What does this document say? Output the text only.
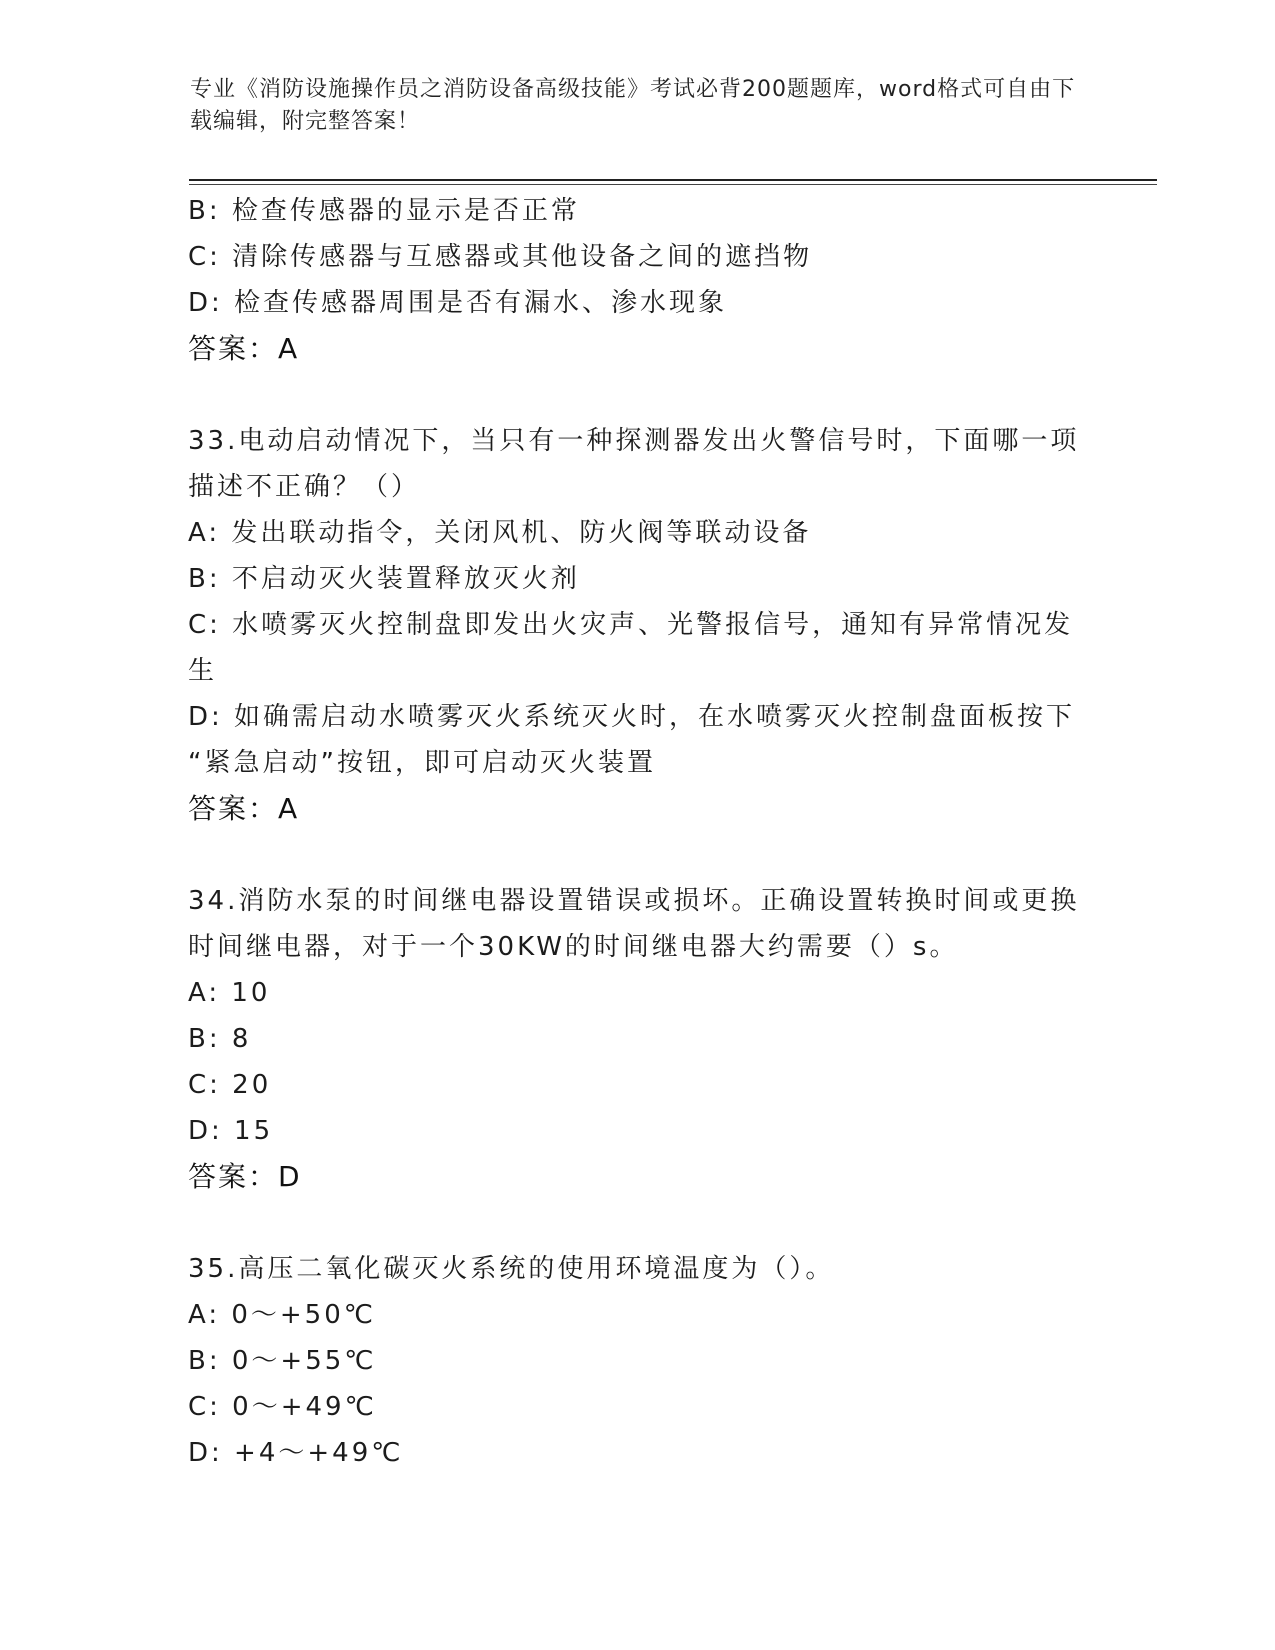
专业《消防设施操作员之消防设备高级技能》考试必背200题题库，word格式可自由下载编辑，附完整答案！

B: 检查传感器的显示是否正常

C: 清除传感器与互感器或其他设备之间的遮挡物

D: 检查传感器周围是否有漏水、渗水现象

答案：A

33.电动启动情况下，当只有一种探测器发出火警信号时，下面哪一项

描述不正确？（）

A: 发出联动指令，关闭风机、防火阀等联动设备

B: 不启动灭火装置释放灭火剂

C: 水喷雾灭火控制盘即发出火灾声、光警报信号，通知有异常情况发

生

D: 如确需启动水喷雾灭火系统灭火时，在水喷雾灭火控制盘面板按下

“紧急启动”按钮，即可启动灭火装置

答案：A

34.消防水泵的时间继电器设置错误或损坏。正确设置转换时间或更换

时间继电器，对于一个30KW的时间继电器大约需要（）s。

A: 10

B: 8

C: 20

D: 15

答案：D

35.高压二氧化碳灭火系统的使用环境温度为（）。

A: 0～+50℃

B: 0～+55℃

C: 0～+49℃

D: +4～+49℃
